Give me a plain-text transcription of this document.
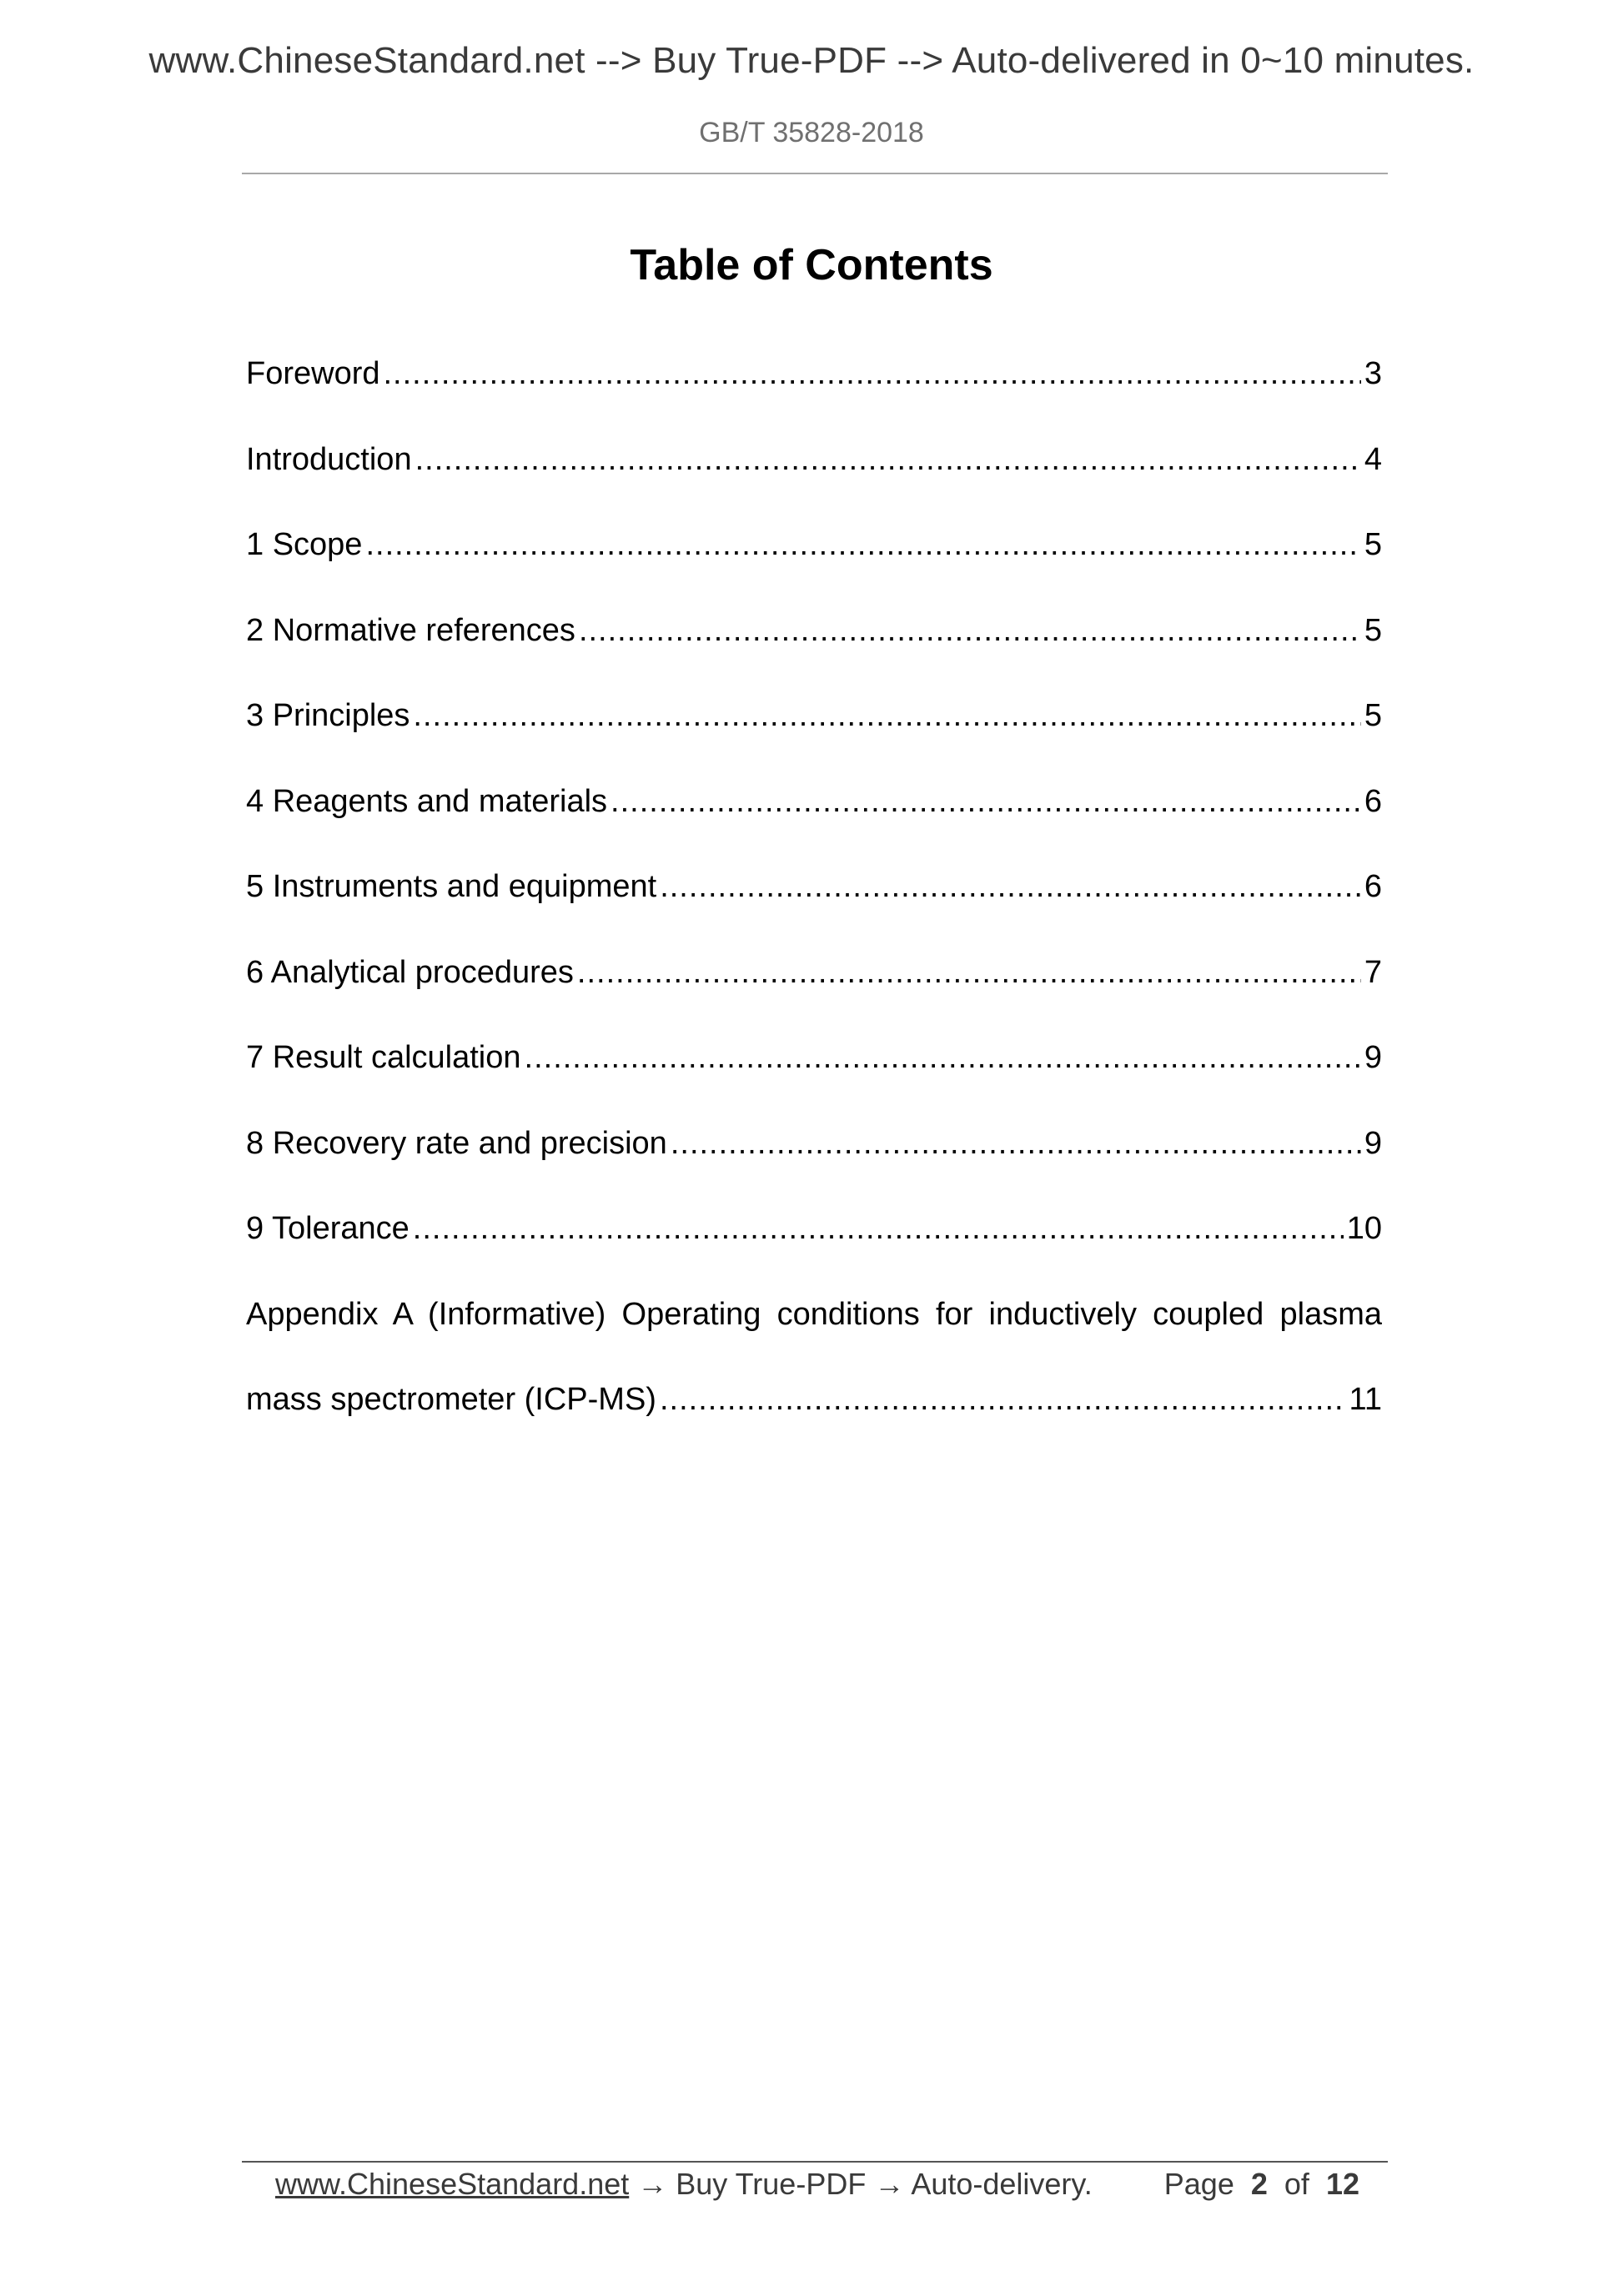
www.ChineseStandard.net --> Buy True-PDF --> Auto-delivered in 0~10 minutes.
GB/T 35828-2018
Table of Contents
Foreword .....	3
Introduction .....	4
1 Scope .....	5
2 Normative references .....	5
3 Principles .....	5
4 Reagents and materials .....	6
5 Instruments and equipment .....	6
6 Analytical procedures .....	7
7 Result calculation .....	9
8 Recovery rate and precision .....	9
9 Tolerance .....	10
Appendix A (Informative) Operating conditions for inductively coupled plasma
mass spectrometer (ICP-MS) .....	11
www.ChineseStandard.net → Buy True-PDF → Auto-delivery. Page 2 of 12
